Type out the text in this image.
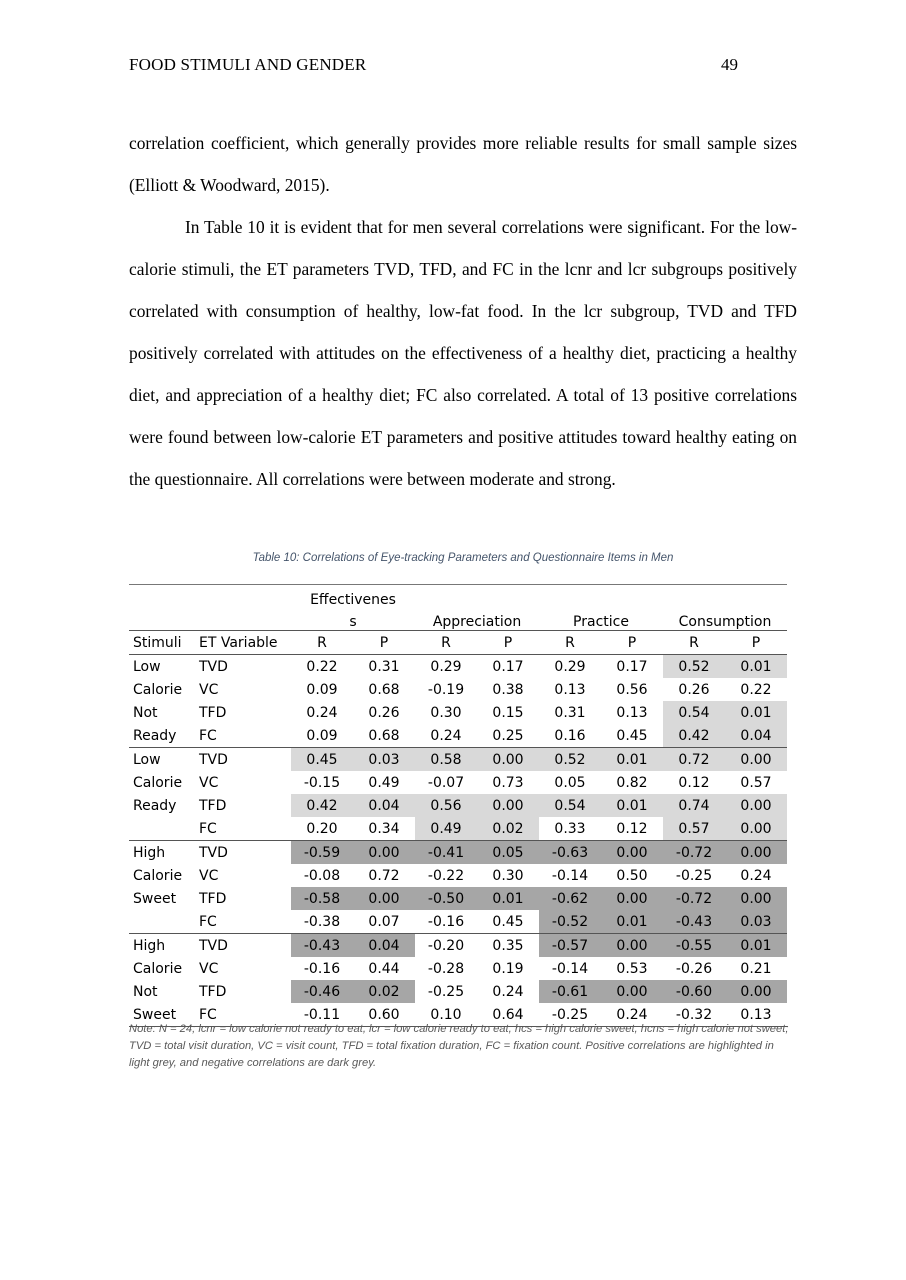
FOOD STIMULI AND GENDER	49

correlation coefficient, which generally provides more reliable results for small sample sizes (Elliott & Woodward, 2015).

In Table 10 it is evident that for men several correlations were significant. For the low-calorie stimuli, the ET parameters TVD, TFD, and FC in the lcnr and lcr subgroups positively correlated with consumption of healthy, low-fat food. In the lcr subgroup, TVD and TFD positively correlated with attitudes on the effectiveness of a healthy diet, practicing a healthy diet, and appreciation of a healthy diet; FC also correlated. A total of 13 positive correlations were found between low-calorie ET parameters and positive attitudes toward healthy eating on the questionnaire. All correlations were between moderate and strong.

Table 10: Correlations of Eye-tracking Parameters and Questionnaire Items in Men
		Effectivenes							
		s		Appreciation		Practice		Consumption	
Stimuli	ET Variable	R	P	R	P	R	P	R	P
Low	TVD	0.22	0.31	0.29	0.17	0.29	0.17	0.52	0.01
Calorie	VC	0.09	0.68	-0.19	0.38	0.13	0.56	0.26	0.22
Not	TFD	0.24	0.26	0.30	0.15	0.31	0.13	0.54	0.01
Ready	FC	0.09	0.68	0.24	0.25	0.16	0.45	0.42	0.04
Low	TVD	0.45	0.03	0.58	0.00	0.52	0.01	0.72	0.00
Calorie	VC	-0.15	0.49	-0.07	0.73	0.05	0.82	0.12	0.57
Ready	TFD	0.42	0.04	0.56	0.00	0.54	0.01	0.74	0.00
	FC	0.20	0.34	0.49	0.02	0.33	0.12	0.57	0.00
High	TVD	-0.59	0.00	-0.41	0.05	-0.63	0.00	-0.72	0.00
Calorie	VC	-0.08	0.72	-0.22	0.30	-0.14	0.50	-0.25	0.24
Sweet	TFD	-0.58	0.00	-0.50	0.01	-0.62	0.00	-0.72	0.00
	FC	-0.38	0.07	-0.16	0.45	-0.52	0.01	-0.43	0.03
High	TVD	-0.43	0.04	-0.20	0.35	-0.57	0.00	-0.55	0.01
Calorie	VC	-0.16	0.44	-0.28	0.19	-0.14	0.53	-0.26	0.21
Not	TFD	-0.46	0.02	-0.25	0.24	-0.61	0.00	-0.60	0.00
Sweet	FC	-0.11	0.60	0.10	0.64	-0.25	0.24	-0.32	0.13
Note: N = 24; lcnr = low calorie not ready to eat, lcr = low calorie ready to eat, hcs = high calorie sweet, hcns = high calorie not sweet; TVD = total visit duration, VC = visit count, TFD = total fixation duration, FC = fixation count. Positive correlations are highlighted in light grey, and negative correlations are dark grey.
